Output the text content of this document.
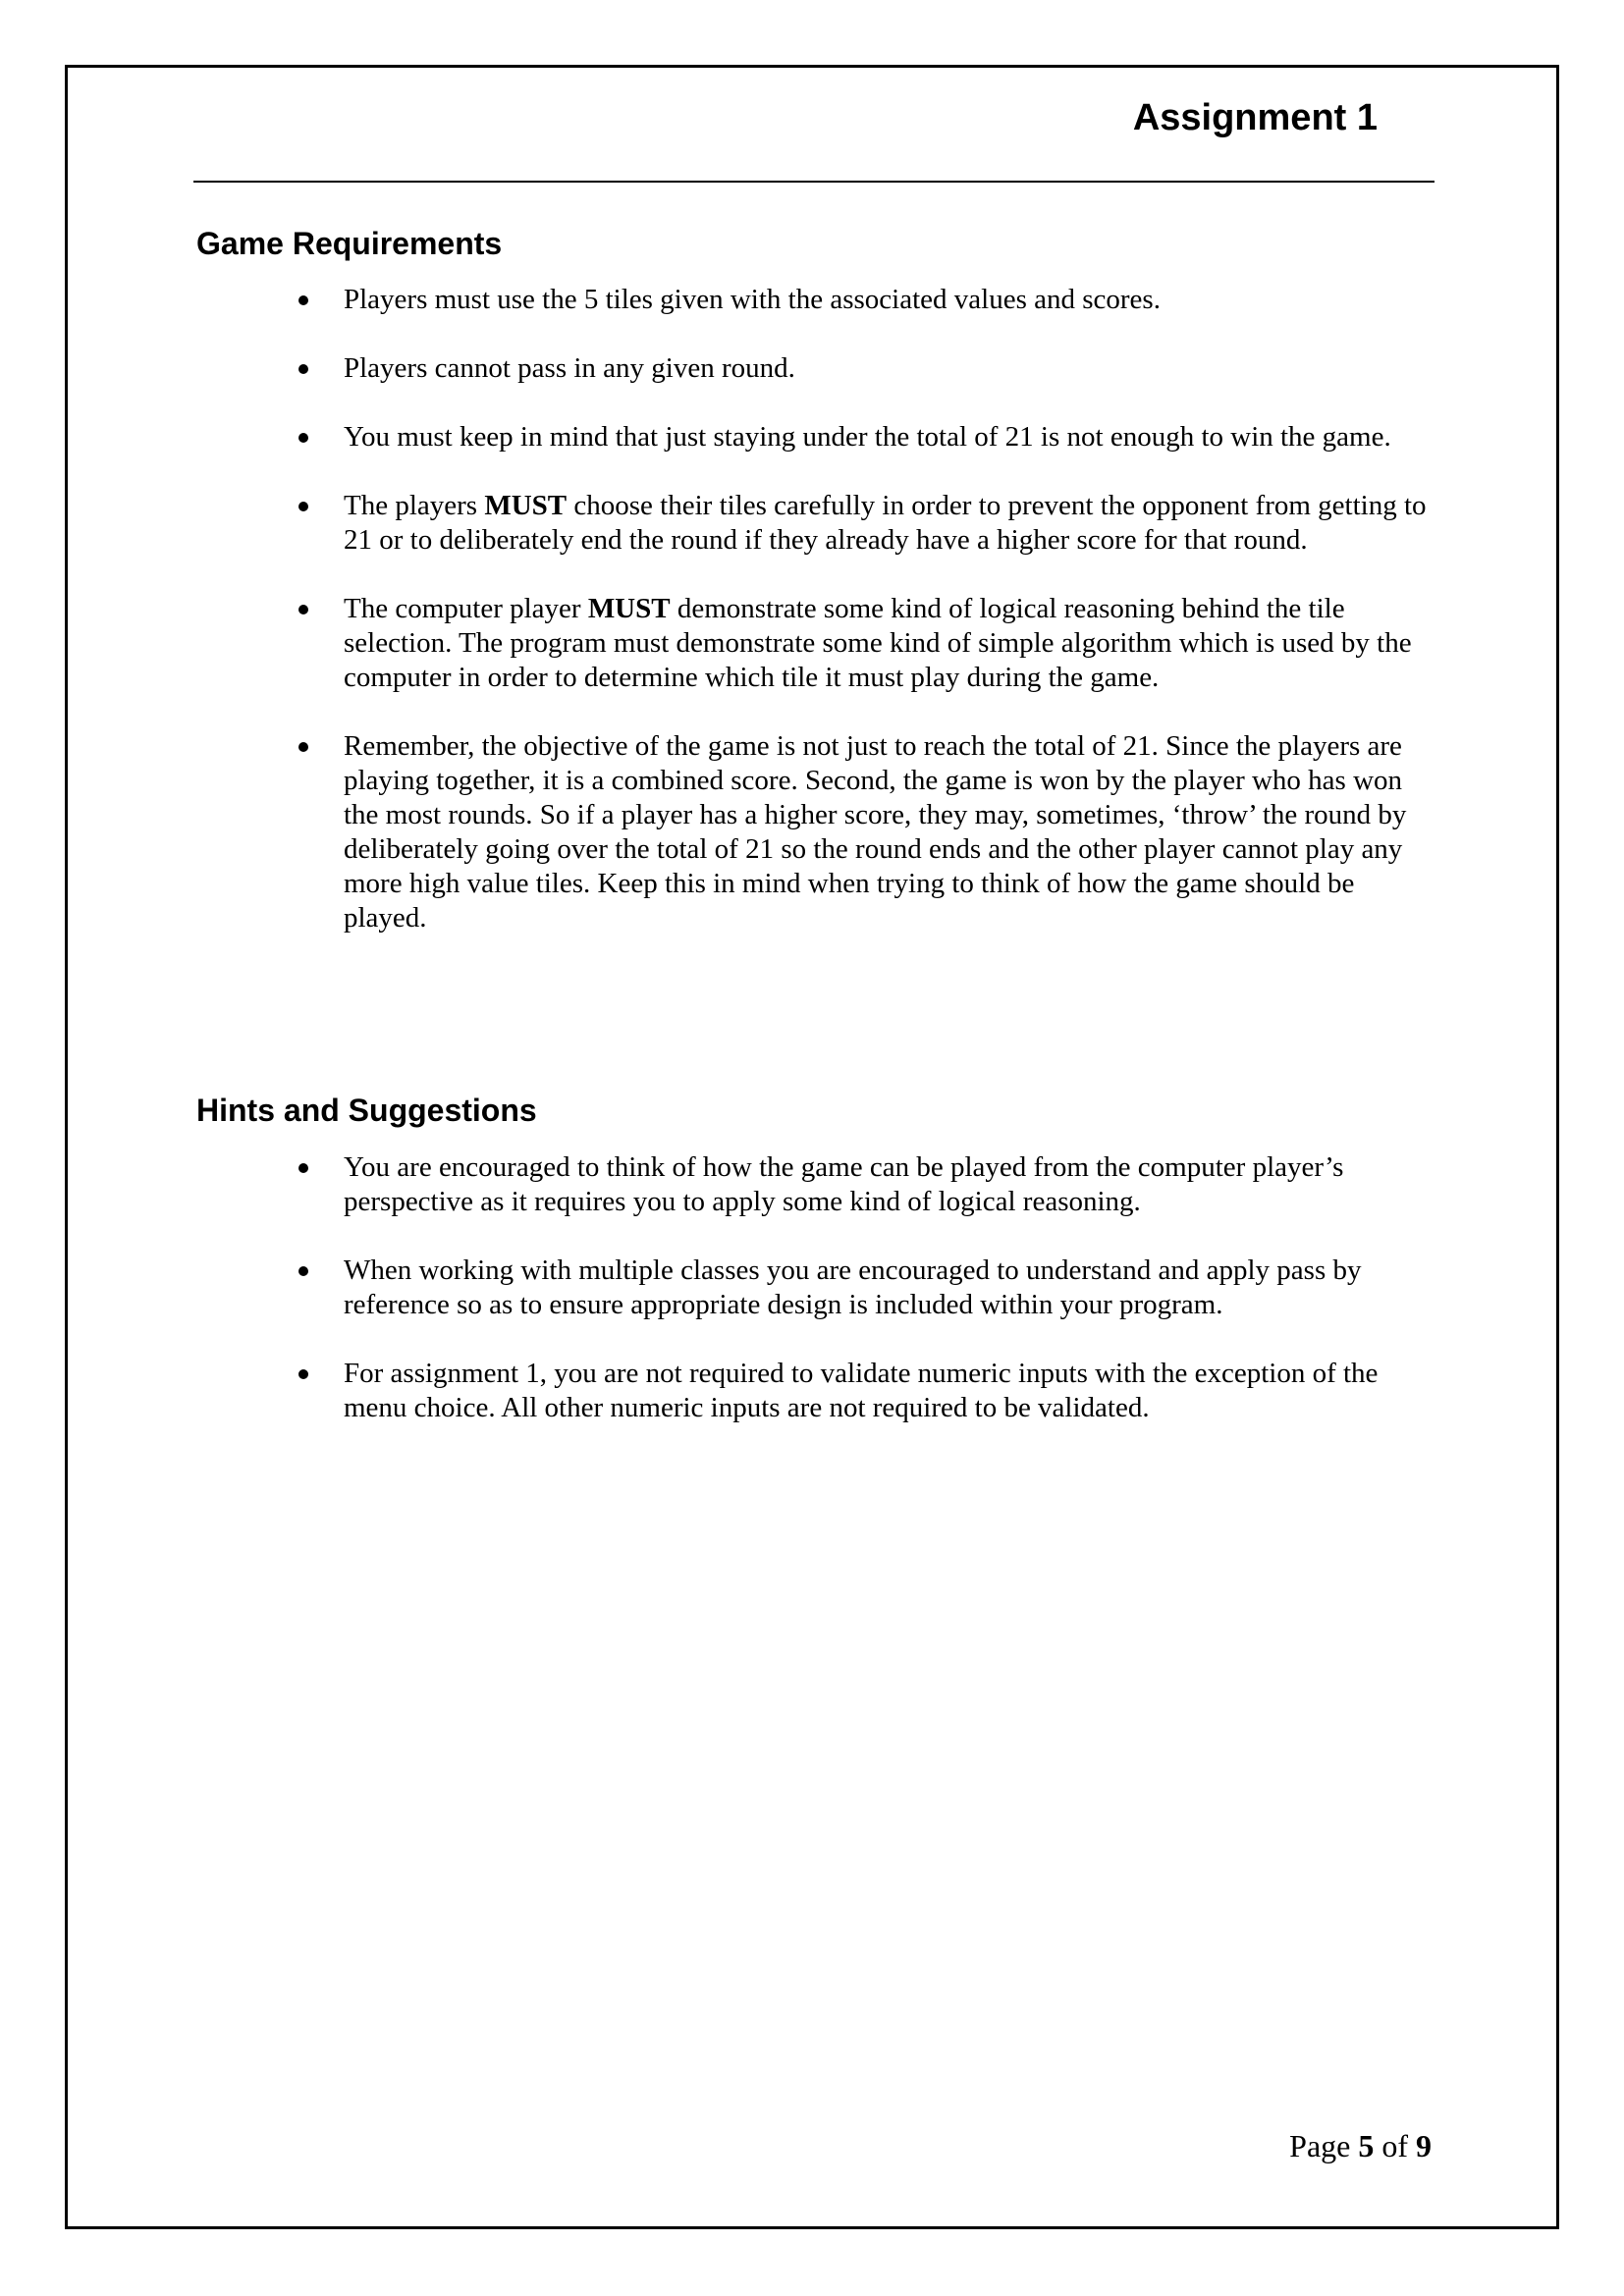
Assignment 1
Game Requirements
Players must use the 5 tiles given with the associated values and scores.
Players cannot pass in any given round.
You must keep in mind that just staying under the total of 21 is not enough to win the game.
The players MUST choose their tiles carefully in order to prevent the opponent from getting to 21 or to deliberately end the round if they already have a higher score for that round.
The computer player MUST demonstrate some kind of logical reasoning behind the tile selection. The program must demonstrate some kind of simple algorithm which is used by the computer in order to determine which tile it must play during the game.
Remember, the objective of the game is not just to reach the total of 21. Since the players are playing together, it is a combined score. Second, the game is won by the player who has won the most rounds. So if a player has a higher score, they may, sometimes, ‘throw’ the round by deliberately going over the total of 21 so the round ends and the other player cannot play any more high value tiles. Keep this in mind when trying to think of how the game should be played.
Hints and Suggestions
You are encouraged to think of how the game can be played from the computer player’s perspective as it requires you to apply some kind of logical reasoning.
When working with multiple classes you are encouraged to understand and apply pass by reference so as to ensure appropriate design is included within your program.
For assignment 1, you are not required to validate numeric inputs with the exception of the menu choice. All other numeric inputs are not required to be validated.
Page 5 of 9
